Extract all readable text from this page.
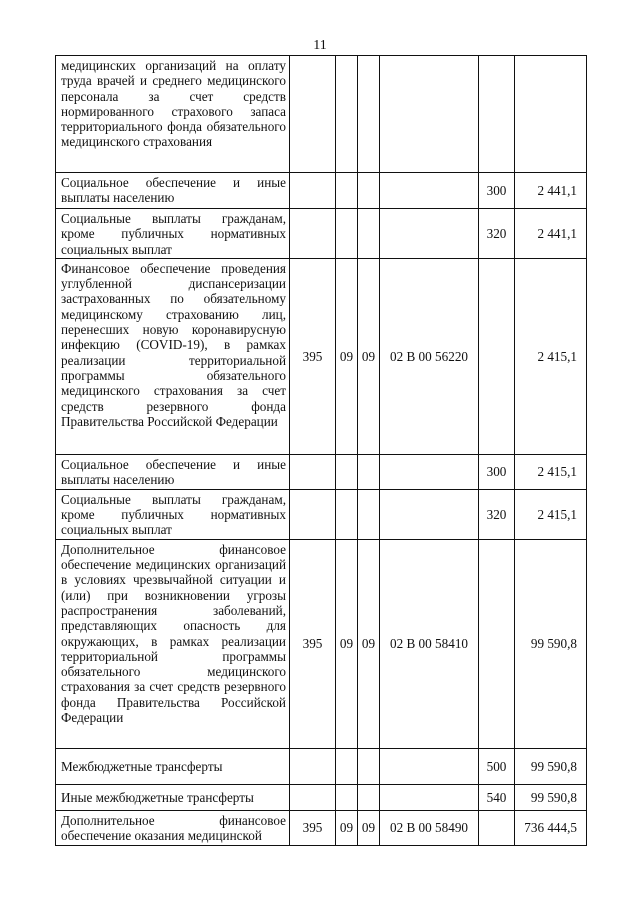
11
медицинских организаций на оплату труда врачей и среднего медицинского персонала за счет средств нормированного страхового запаса территориального фонда обязательного медицинского страхования						
Социальное обеспечение и иные выплаты населению					300	2 441,1
Социальные выплаты гражданам, кроме публичных нормативных социальных выплат					320	2 441,1
Финансовое обеспечение проведения углубленной диспансеризации застрахованных по обязательному медицинскому страхованию лиц, перенесших новую коронавирусную инфекцию (COVID-19), в рамках реализации территориальной программы обязательного медицинского страхования за счет средств резервного фонда Правительства Российской Федерации	395	09	09	02 В 00 56220		2 415,1
Социальное обеспечение и иные выплаты населению					300	2 415,1
Социальные выплаты гражданам, кроме публичных нормативных социальных выплат					320	2 415,1
Дополнительное финансовое обеспечение медицинских организаций в условиях чрезвычайной ситуации и (или) при возникновении угрозы распространения заболеваний, представляющих опасность для окружающих, в рамках реализации территориальной программы обязательного медицинского страхования за счет средств резервного фонда Правительства Российской Федерации	395	09	09	02 В 00 58410		99 590,8
Межбюджетные трансферты					500	99 590,8
Иные межбюджетные трансферты					540	99 590,8
Дополнительное финансовое обеспечение оказания медицинской	395	09	09	02 В 00 58490		736 444,5
